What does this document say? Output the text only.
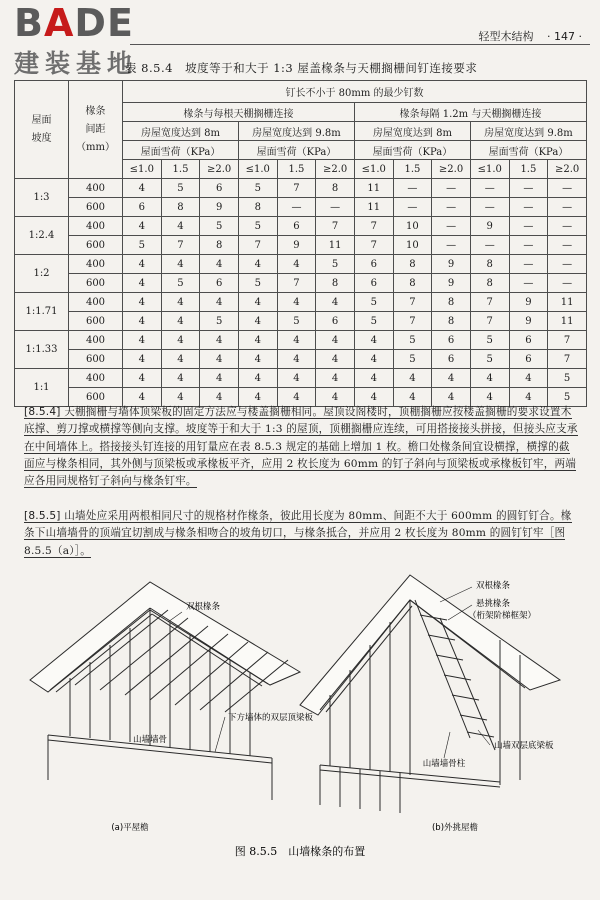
B A D E
建装基地
轻型木结构 · 147 ·
表 8.5.4 坡度等于和大于 1:3 屋盖椽条与天棚搁栅间钉连接要求
屋面
坡度	椽条
间距
（mm）	钉长不小于 80mm 的最少钉数											
		椽条与每根天棚搁栅连接						椽条每隔 1.2m 与天棚搁栅连接					
		房屋宽度达到 8m			房屋宽度达到 9.8m			房屋宽度达到 8m			房屋宽度达到 9.8m		
		屋面雪荷（KPa）			屋面雪荷（KPa）			屋面雪荷（KPa）			屋面雪荷（KPa）		
		≤1.0	1.5	≥2.0	≤1.0	1.5	≥2.0	≤1.0	1.5	≥2.0	≤1.0	1.5	≥2.0
1:3	400	4	5	6	5	7	8	11	—	—	—	—	—
	600	6	8	9	8	—	—	11	—	—	—	—	—
1:2.4	400	4	4	5	5	6	7	7	10	—	9	—	—
	600	5	7	8	7	9	11	7	10	—	—	—	—
1:2	400	4	4	4	4	4	5	6	8	9	8	—	—
	600	4	5	6	5	7	8	6	8	9	8	—	—
1:1.71	400	4	4	4	4	4	4	5	7	8	7	9	11
	600	4	4	5	4	5	6	5	7	8	7	9	11
1:1.33	400	4	4	4	4	4	4	4	5	6	5	6	7
	600	4	4	4	4	4	4	4	5	6	5	6	7
1:1	400	4	4	4	4	4	4	4	4	4	4	4	5
	600	4	4	4	4	4	4	4	4	4	4	4	5
[8.5.4] 天棚搁栅与墙体顶梁板的固定方法应与楼盖搁栅相同。屋顶设阁楼时，顶棚搁栅应按楼盖搁栅的要求设置木底撑、剪刀撑或横撑等侧向支撑。坡度等于和大于 1:3 的屋顶，顶棚搁栅应连续，可用搭接接头拼接，但接头应支承在中间墙体上。搭接接头钉连接的用钉量应在表 8.5.3 规定的基础上增加 1 枚。檐口处椽条间宜设横撑，横撑的截面应与椽条相同，其外侧与顶梁板或承椽板平齐，应用 2 枚长度为 60mm 的钉子斜向与顶梁板或承椽板钉牢，两端应各用同规格钉子斜向与椽条钉牢。
[8.5.5] 山墙处应采用两根相同尺寸的规格材作椽条，彼此用长度为 80mm、间距不大于 600mm 的圆钉钉合。椽条下山墙墙骨的顶端宜切割成与椽条相吻合的坡角切口，与椽条抵合，并应用 2 枚长度为 80mm 的圆钉钉牢［图 8.5.5（a）］。
双根椽条
下方墙体的双层顶梁板
山墙墙骨
(a)平屋檐
双根椽条
悬挑椽条
（桁架阶梯框架）
山墙双层底梁板
山墙墙骨柱
(b)外挑屋檐
图 8.5.5　山墙椽条的布置
